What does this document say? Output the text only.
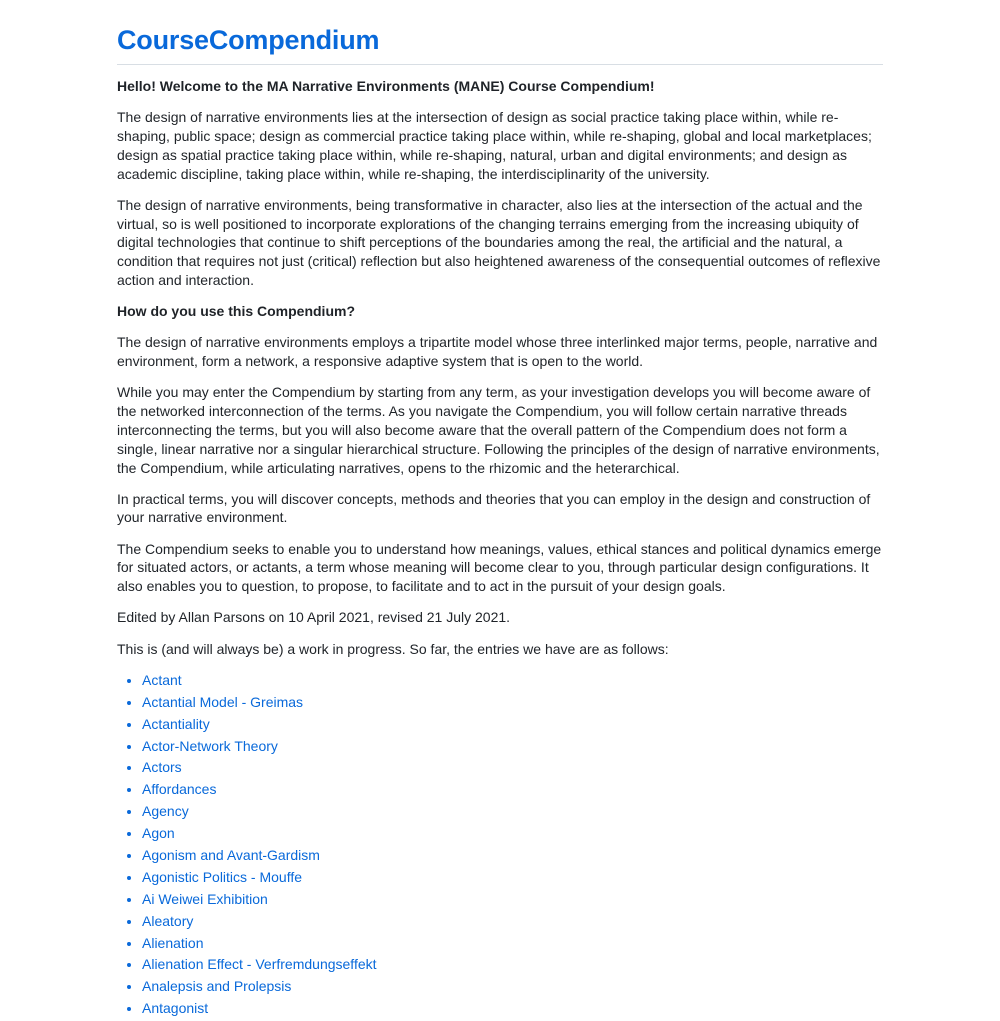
CourseCompendium

Hello! Welcome to the MA Narrative Environments (MANE) Course Compendium!

The design of narrative environments lies at the intersection of design as social practice taking place within, while re-shaping, public space; design as commercial practice taking place within, while re-shaping, global and local marketplaces; design as spatial practice taking place within, while re-shaping, natural, urban and digital environments; and design as academic discipline, taking place within, while re-shaping, the interdisciplinarity of the university.

The design of narrative environments, being transformative in character, also lies at the intersection of the actual and the virtual, so is well positioned to incorporate explorations of the changing terrains emerging from the increasing ubiquity of digital technologies that continue to shift perceptions of the boundaries among the real, the artificial and the natural, a condition that requires not just (critical) reflection but also heightened awareness of the consequential outcomes of reflexive action and interaction.

How do you use this Compendium?

The design of narrative environments employs a tripartite model whose three interlinked major terms, people, narrative and environment, form a network, a responsive adaptive system that is open to the world.

While you may enter the Compendium by starting from any term, as your investigation develops you will become aware of the networked interconnection of the terms. As you navigate the Compendium, you will follow certain narrative threads interconnecting the terms, but you will also become aware that the overall pattern of the Compendium does not form a single, linear narrative nor a singular hierarchical structure. Following the principles of the design of narrative environments, the Compendium, while articulating narratives, opens to the rhizomic and the heterarchical.

In practical terms, you will discover concepts, methods and theories that you can employ in the design and construction of your narrative environment.

The Compendium seeks to enable you to understand how meanings, values, ethical stances and political dynamics emerge for situated actors, or actants, a term whose meaning will become clear to you, through particular design configurations. It also enables you to question, to propose, to facilitate and to act in the pursuit of your design goals.

Edited by Allan Parsons on 10 April 2021, revised 21 July 2021.

This is (and will always be) a work in progress. So far, the entries we have are as follows:

• Actant
• Actantial Model - Greimas
• Actantiality
• Actor-Network Theory
• Actors
• Affordances
• Agency
• Agon
• Agonism and Avant-Gardism
• Agonistic Politics - Mouffe
• Ai Weiwei Exhibition
• Aleatory
• Alienation
• Alienation Effect - Verfremdungseffekt
• Analepsis and Prolepsis
• Antagonist
